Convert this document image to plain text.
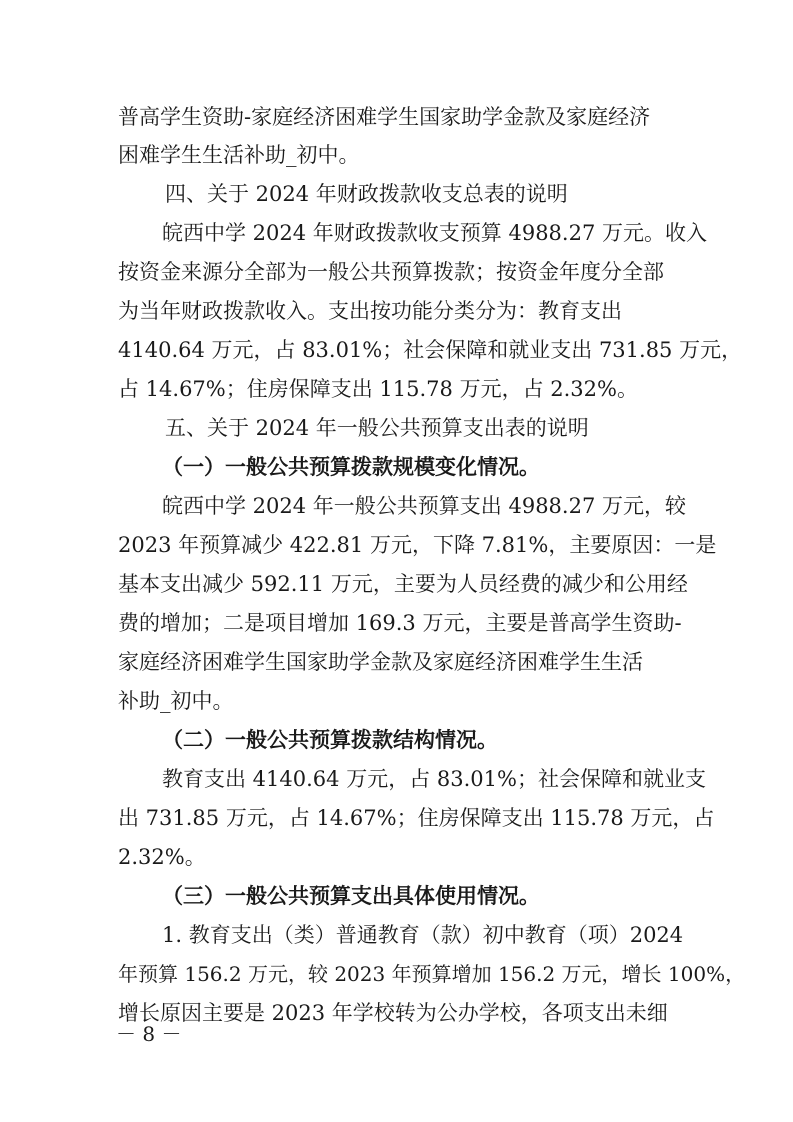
普高学生资助-家庭经济困难学生国家助学金款及家庭经济
困难学生生活补助_初中。
四、关于 2024 年财政拨款收支总表的说明
皖西中学 2024 年财政拨款收支预算 4988.27 万元。收入
按资金来源分全部为一般公共预算拨款；按资金年度分全部
为当年财政拨款收入。支出按功能分类分为：教育支出
4140.64 万元，占 83.01%；社会保障和就业支出 731.85 万元，
占 14.67%；住房保障支出 115.78 万元，占 2.32%。
五、关于 2024 年一般公共预算支出表的说明
（一）一般公共预算拨款规模变化情况。
皖西中学 2024 年一般公共预算支出 4988.27 万元，较
2023 年预算减少 422.81 万元，下降 7.81%，主要原因：一是
基本支出减少 592.11 万元，主要为人员经费的减少和公用经
费的增加；二是项目增加 169.3 万元，主要是普高学生资助-
家庭经济困难学生国家助学金款及家庭经济困难学生生活
补助_初中。
（二）一般公共预算拨款结构情况。
教育支出 4140.64 万元，占 83.01%；社会保障和就业支
出 731.85 万元，占 14.67%；住房保障支出 115.78 万元，占
2.32%。
（三）一般公共预算支出具体使用情况。
1. 教育支出（类）普通教育（款）初中教育（项）2024
年预算 156.2 万元，较 2023 年预算增加 156.2 万元，增长 100%，
增长原因主要是 2023 年学校转为公办学校，各项支出未细
－ 8 －
